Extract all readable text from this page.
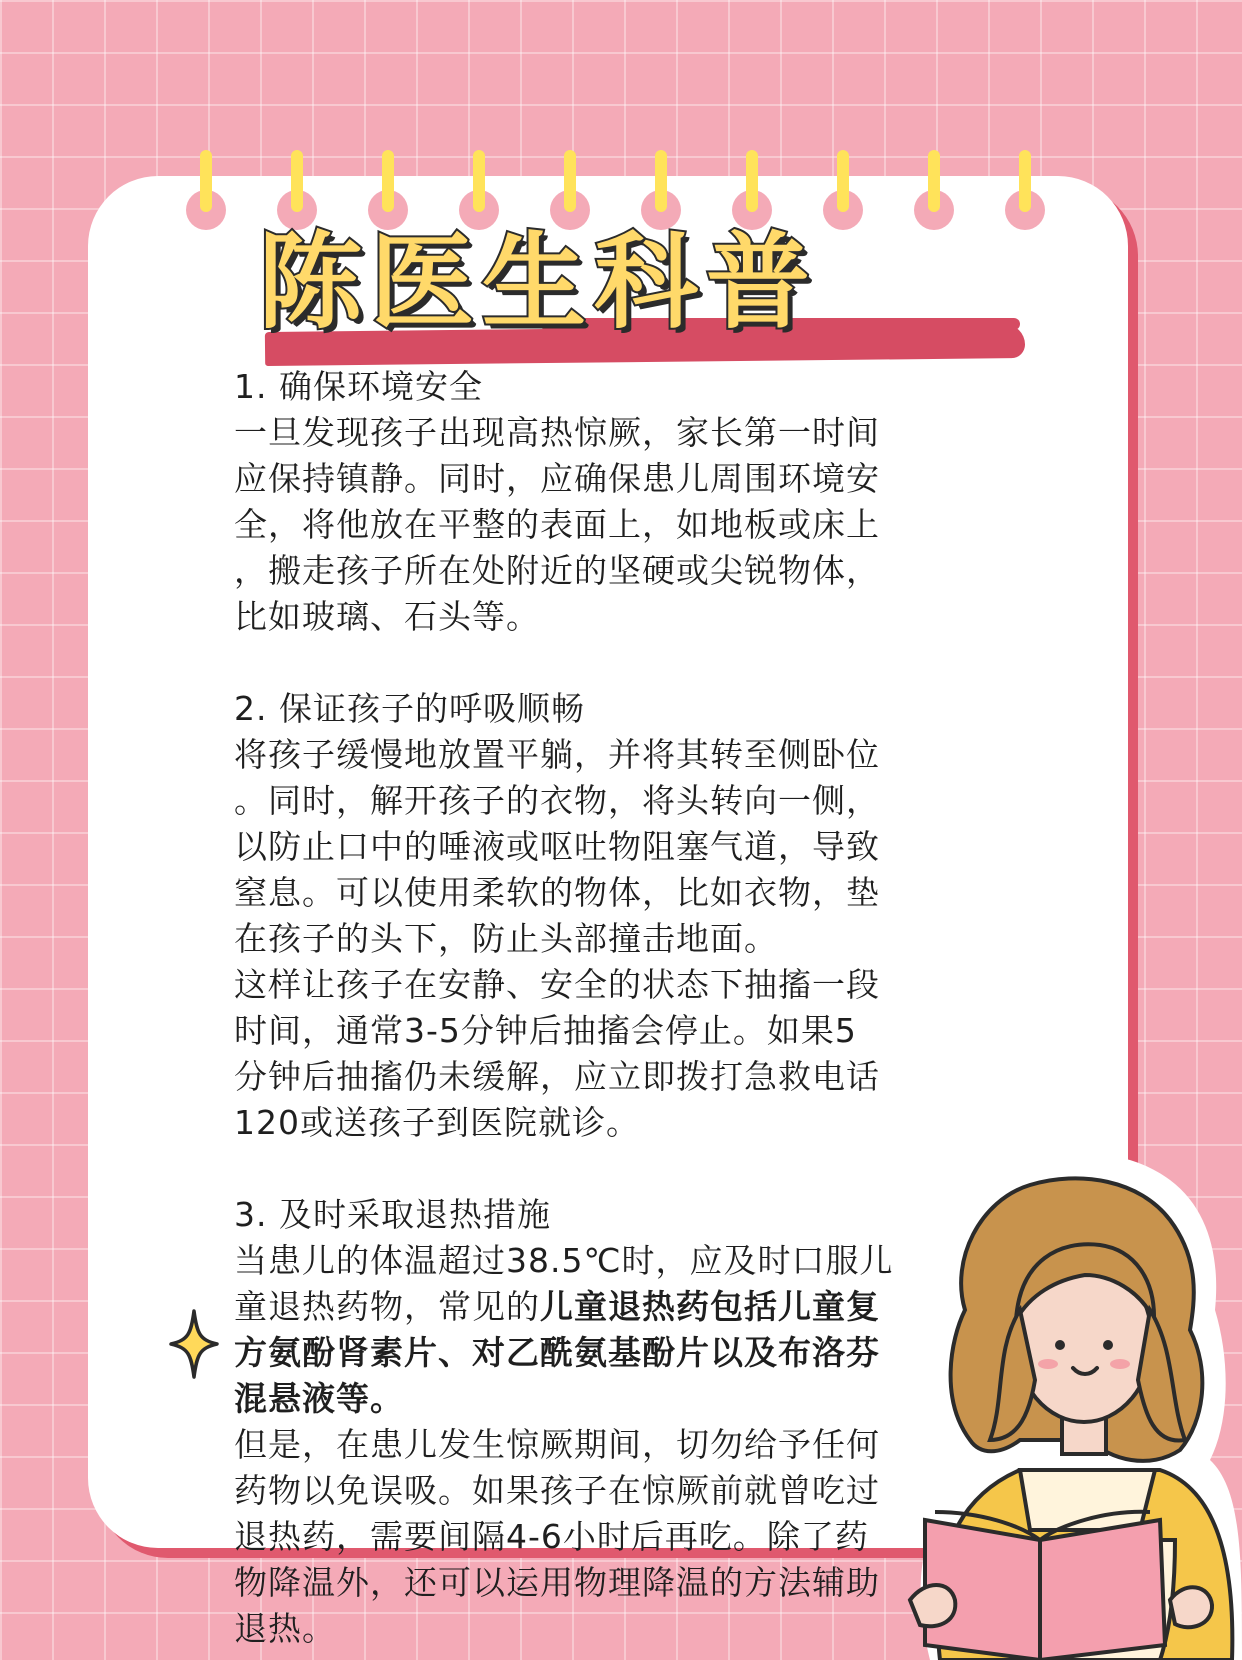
陈医生科普

1. 确保环境安全

一旦发现孩子出现高热惊厥，家长第一时间

应保持镇静。同时，应确保患儿周围环境安

全，将他放在平整的表面上，如地板或床上

，搬走孩子所在处附近的坚硬或尖锐物体，

比如玻璃、石头等。

2. 保证孩子的呼吸顺畅

将孩子缓慢地放置平躺，并将其转至侧卧位

。同时，解开孩子的衣物，将头转向一侧，

以防止口中的唾液或呕吐物阻塞气道，导致

窒息。可以使用柔软的物体，比如衣物，垫

在孩子的头下，防止头部撞击地面。

这样让孩子在安静、安全的状态下抽搐一段

时间，通常3-5分钟后抽搐会停止。如果5

分钟后抽搐仍未缓解，应立即拨打急救电话

120或送孩子到医院就诊。

3. 及时采取退热措施

当患儿的体温超过38.5℃时，应及时口服儿

童退热药物，常见的儿童退热药包括儿童复

方氨酚肾素片、对乙酰氨基酚片以及布洛芬

混悬液等。

但是，在患儿发生惊厥期间，切勿给予任何

药物以免误吸。如果孩子在惊厥前就曾吃过

退热药，需要间隔4-6小时后再吃。除了药

物降温外，还可以运用物理降温的方法辅助

退热。
